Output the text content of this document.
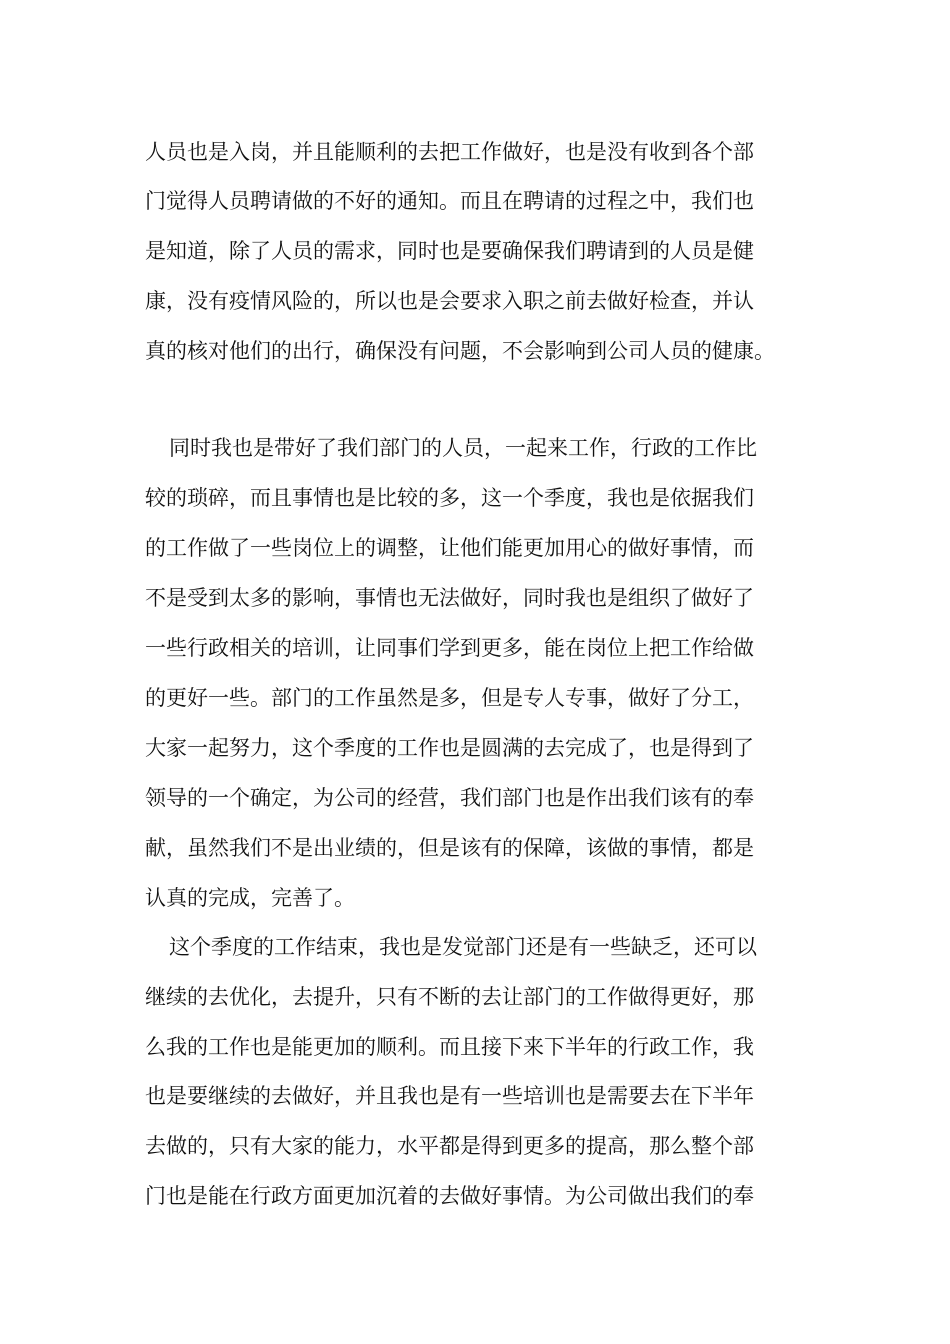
人员也是入岗，并且能顺利的去把工作做好，也是没有收到各个部

门觉得人员聘请做的不好的通知。而且在聘请的过程之中，我们也

是知道，除了人员的需求，同时也是要确保我们聘请到的人员是健

康，没有疫情风险的，所以也是会要求入职之前去做好检查，并认

真的核对他们的出行，确保没有问题，不会影响到公司人员的健康。

同时我也是带好了我们部门的人员，一起来工作，行政的工作比

较的琐碎，而且事情也是比较的多，这一个季度，我也是依据我们

的工作做了一些岗位上的调整，让他们能更加用心的做好事情，而

不是受到太多的影响，事情也无法做好，同时我也是组织了做好了

一些行政相关的培训，让同事们学到更多，能在岗位上把工作给做

的更好一些。部门的工作虽然是多，但是专人专事，做好了分工，

大家一起努力，这个季度的工作也是圆满的去完成了，也是得到了

领导的一个确定，为公司的经营，我们部门也是作出我们该有的奉

献，虽然我们不是出业绩的，但是该有的保障，该做的事情，都是

认真的完成，完善了。

这个季度的工作结束，我也是发觉部门还是有一些缺乏，还可以

继续的去优化，去提升，只有不断的去让部门的工作做得更好，那

么我的工作也是能更加的顺利。而且接下来下半年的行政工作，我

也是要继续的去做好，并且我也是有一些培训也是需要去在下半年

去做的，只有大家的能力，水平都是得到更多的提高，那么整个部

门也是能在行政方面更加沉着的去做好事情。为公司做出我们的奉
